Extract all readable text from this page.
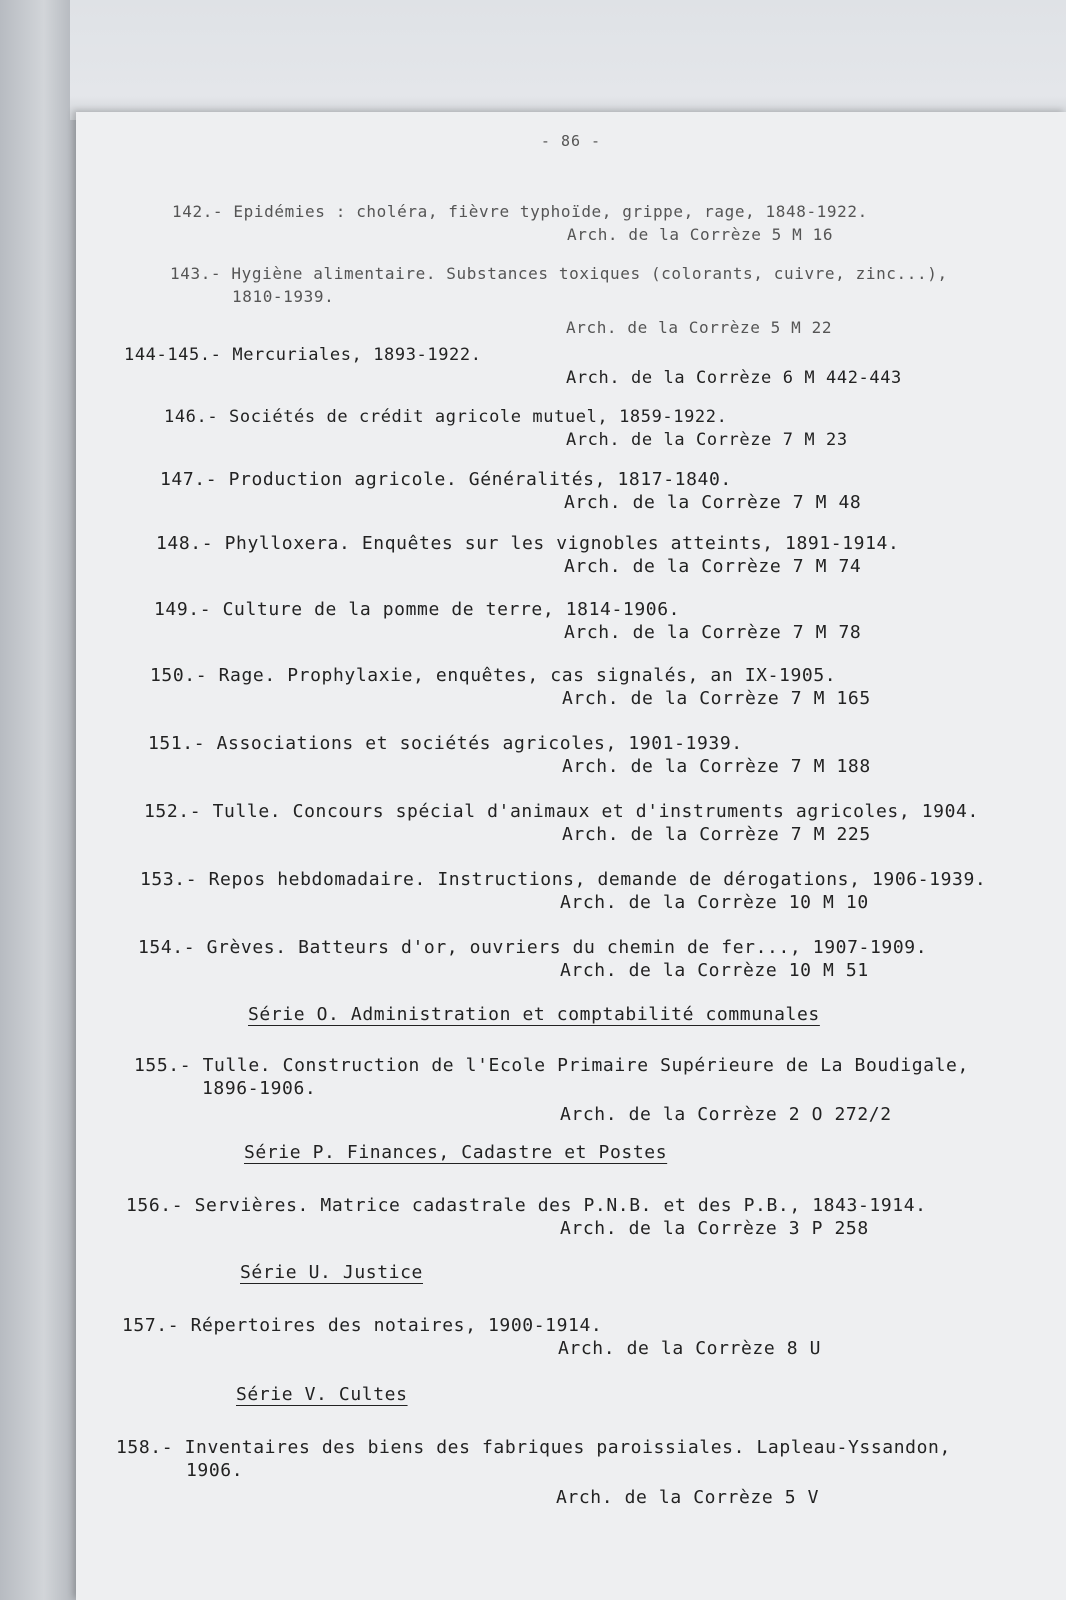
- 86 -
142.- Epidémies : choléra, fièvre typhoïde, grippe, rage, 1848-1922.
Arch. de la Corrèze 5 M 16
143.- Hygiène alimentaire. Substances toxiques (colorants, cuivre, zinc...),
1810-1939.
Arch. de la Corrèze 5 M 22
144-145.- Mercuriales, 1893-1922.
Arch. de la Corrèze 6 M 442-443
146.- Sociétés de crédit agricole mutuel, 1859-1922.
Arch. de la Corrèze 7 M 23
147.- Production agricole. Généralités, 1817-1840.
Arch. de la Corrèze 7 M 48
148.- Phylloxera. Enquêtes sur les vignobles atteints, 1891-1914.
Arch. de la Corrèze 7 M 74
149.- Culture de la pomme de terre, 1814-1906.
Arch. de la Corrèze 7 M 78
150.- Rage. Prophylaxie, enquêtes, cas signalés, an IX-1905.
Arch. de la Corrèze 7 M 165
151.- Associations et sociétés agricoles, 1901-1939.
Arch. de la Corrèze 7 M 188
152.- Tulle. Concours spécial d'animaux et d'instruments agricoles, 1904.
Arch. de la Corrèze 7 M 225
153.- Repos hebdomadaire. Instructions, demande de dérogations, 1906-1939.
Arch. de la Corrèze 10 M 10
154.- Grèves. Batteurs d'or, ouvriers du chemin de fer..., 1907-1909.
Arch. de la Corrèze 10 M 51
Série O. Administration et comptabilité communales
155.- Tulle. Construction de l'Ecole Primaire Supérieure de La Boudigale,
1896-1906.
Arch. de la Corrèze 2 O 272/2
Série P. Finances, Cadastre et Postes
156.- Servières. Matrice cadastrale des P.N.B. et des P.B., 1843-1914.
Arch. de la Corrèze 3 P 258
Série U. Justice
157.- Répertoires des notaires, 1900-1914.
Arch. de la Corrèze 8 U
Série V. Cultes
158.- Inventaires des biens des fabriques paroissiales. Lapleau-Yssandon,
1906.
Arch. de la Corrèze 5 V
